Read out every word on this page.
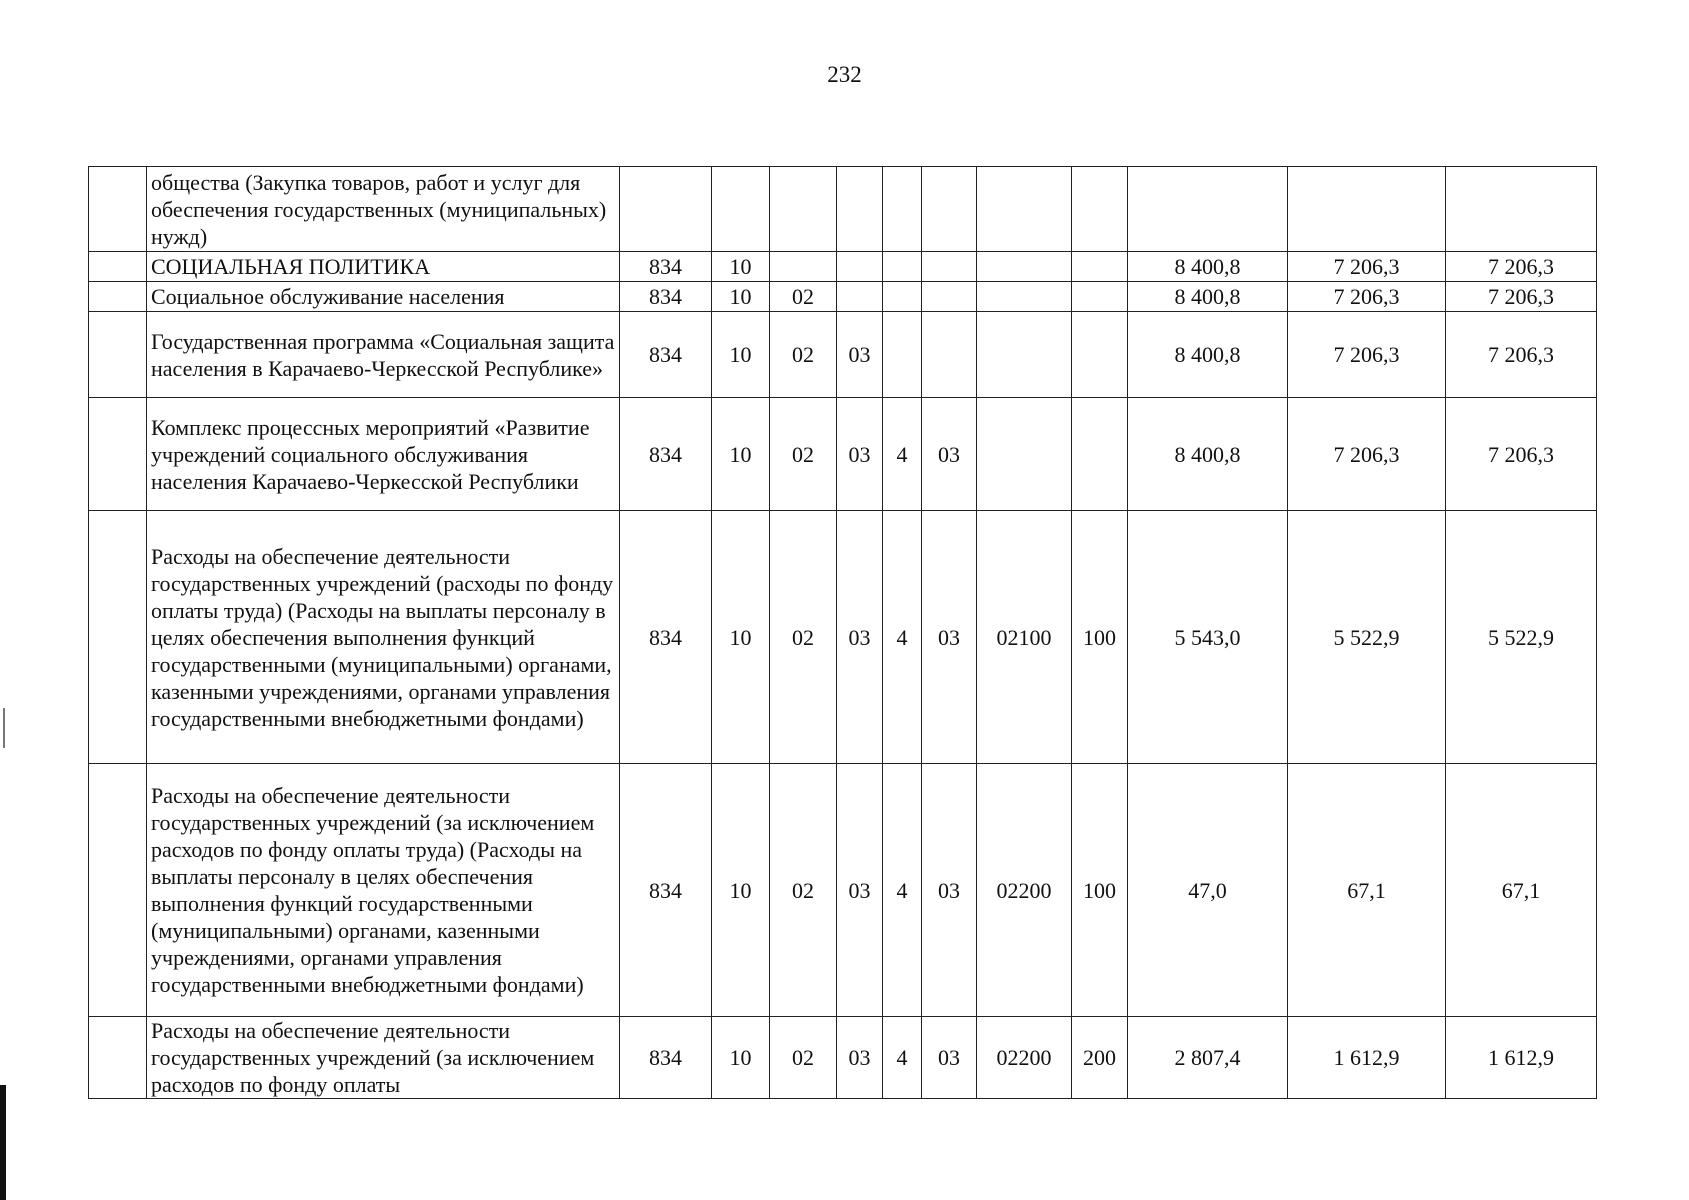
232
	общества (Закупка товаров, работ и услуг для обеспечения государственных (муниципальных) нужд)											
	СОЦИАЛЬНАЯ ПОЛИТИКА	834	10							8 400,8	7 206,3	7 206,3
	Социальное обслуживание населения	834	10	02						8 400,8	7 206,3	7 206,3
	Государственная программа «Социальная защита населения в Карачаево-Черкесской Республике»	834	10	02	03					8 400,8	7 206,3	7 206,3
	Комплекс процессных мероприятий «Развитие учреждений социального обслуживания населения Карачаево-Черкесской Республики	834	10	02	03	4	03			8 400,8	7 206,3	7 206,3
	Расходы на обеспечение деятельности государственных учреждений (расходы по фонду оплаты труда) (Расходы на выплаты персоналу в целях обеспечения выполнения функций государственными (муниципальными) органами, казенными учреждениями, органами управления государственными внебюджетными фондами)	834	10	02	03	4	03	02100	100	5 543,0	5 522,9	5 522,9
	Расходы на обеспечение деятельности государственных учреждений (за исключением расходов по фонду оплаты труда) (Расходы на выплаты персоналу в целях обеспечения выполнения функций государственными (муниципальными) органами, казенными учреждениями, органами управления государственными внебюджетными фондами)	834	10	02	03	4	03	02200	100	47,0	67,1	67,1
	Расходы на обеспечение деятельности государственных учреждений (за исключением расходов по фонду оплаты	834	10	02	03	4	03	02200	200	2 807,4	1 612,9	1 612,9
